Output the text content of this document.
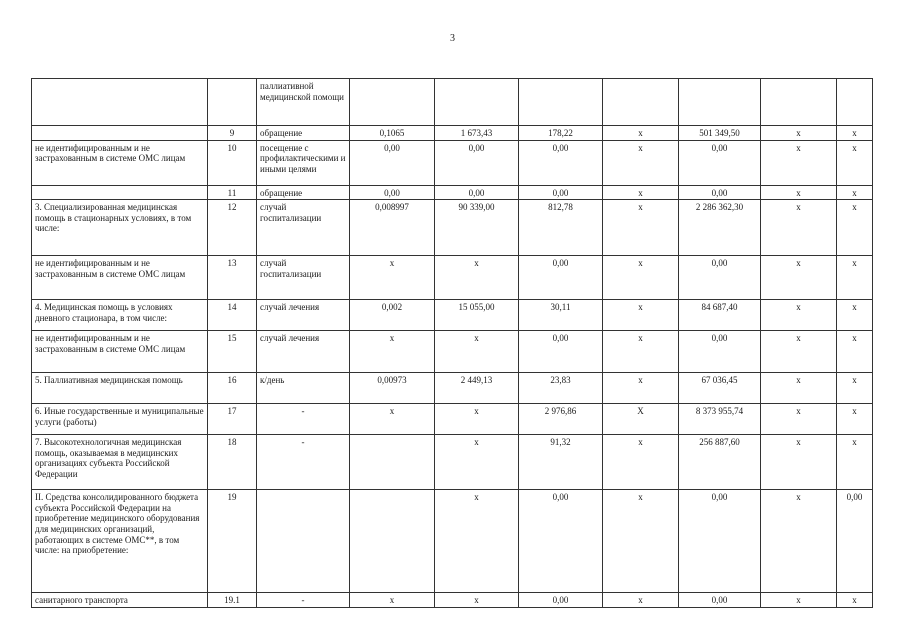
3
		паллиативной медицинской помощи							
	9	обращение	0,1065	1 673,43	178,22	х	501 349,50	х	х
не идентифицированным и не застрахованным в системе ОМС лицам	10	посещение с профилактическими и иными целями	0,00	0,00	0,00	х	0,00	х	х
	11	обращение	0,00	0,00	0,00	х	0,00	х	х
3. Специализированная медицинская помощь в стационарных условиях, в том числе:	12	случай госпитализации	0,008997	90 339,00	812,78	х	2 286 362,30	х	х
не идентифицированным и не застрахованным в системе ОМС лицам	13	случай госпитализации	х	х	0,00	х	0,00	х	х
4. Медицинская помощь в условиях дневного стационара, в том числе:	14	случай лечения	0,002	15 055,00	30,11	х	84 687,40	х	х
не идентифицированным и не застрахованным в системе ОМС лицам	15	случай лечения	х	х	0,00	х	0,00	х	х
5. Паллиативная медицинская помощь	16	к/день	0,00973	2 449,13	23,83	х	67 036,45	х	х
6. Иные государственные и муниципальные услуги (работы)	17	-	х	х	2 976,86	Х	8 373 955,74	х	х
7. Высокотехнологичная медицинская помощь, оказываемая в медицинских организациях субъекта Российской Федерации	18	-		х	91,32	х	256 887,60	х	х
II. Средства консолидированного бюджета субъекта Российской Федерации на приобретение медицинского оборудования для медицинских организаций, работающих в системе ОМС**, в том числе: на приобретение:	19			х	0,00	х	0,00	х	0,00
санитарного транспорта	19.1	-	х	х	0,00	х	0,00	х	х
